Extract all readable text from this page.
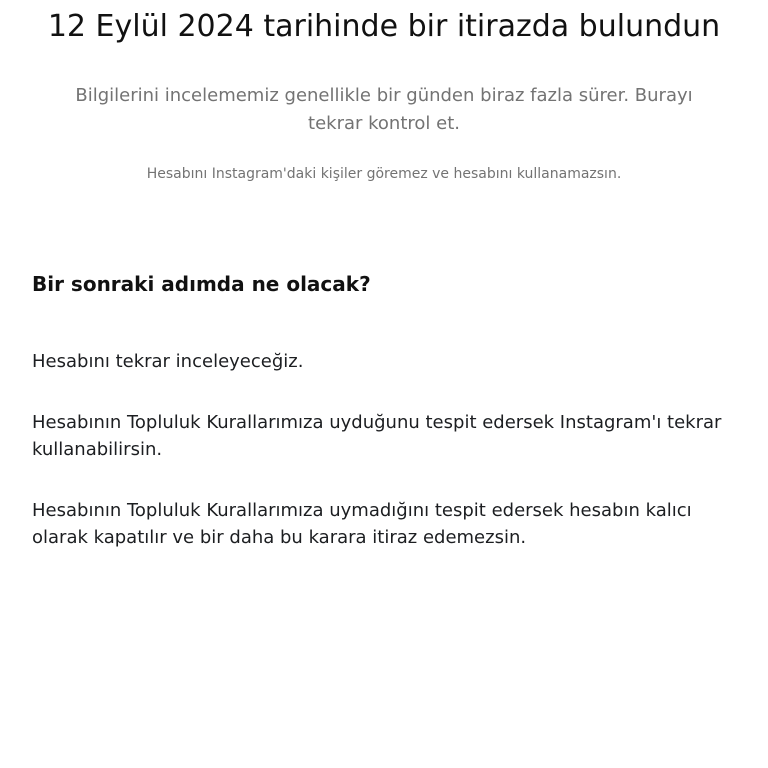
12 Eylül 2024 tarihinde bir itirazda bulundun

Bilgilerini incelememiz genellikle bir günden biraz fazla sürer. Burayı tekrar kontrol et.

Hesabını Instagram'daki kişiler göremez ve hesabını kullanamazsın.

Bir sonraki adımda ne olacak?

Hesabını tekrar inceleyeceğiz.

Hesabının Topluluk Kurallarımıza uyduğunu tespit edersek Instagram'ı tekrar kullanabilirsin.

Hesabının Topluluk Kurallarımıza uymadığını tespit edersek hesabın kalıcı olarak kapatılır ve bir daha bu karara itiraz edemezsin.
